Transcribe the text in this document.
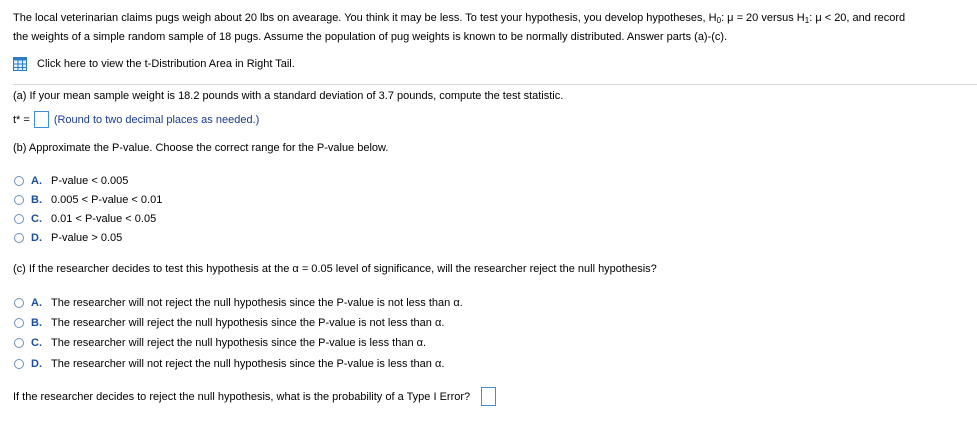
The local veterinarian claims pugs weigh about 20 lbs on avearage. You think it may be less. To test your hypothesis, you develop hypotheses, H0: μ = 20 versus H1: μ < 20, and record

the weights of a simple random sample of 18 pugs. Assume the population of pug weights is known to be normally distributed. Answer parts (a)-(c).

Click here to view the t-Distribution Area in Right Tail.
(a) If your mean sample weight is 18.2 pounds with a standard deviation of 3.7 pounds, compute the test statistic.
t* = (Round to two decimal places as needed.)
(b) Approximate the P-value. Choose the correct range for the P-value below.
A. P-value < 0.005
B. 0.005 < P-value < 0.01
C. 0.01 < P-value < 0.05
D. P-value > 0.05
(c) If the researcher decides to test this hypothesis at the α = 0.05 level of significance, will the researcher reject the null hypothesis?
A. The researcher will not reject the null hypothesis since the P-value is not less than α.
B. The researcher will reject the null hypothesis since the P-value is not less than α.
C. The researcher will reject the null hypothesis since the P-value is less than α.
D. The researcher will not reject the null hypothesis since the P-value is less than α.
If the researcher decides to reject the null hypothesis, what is the probability of a Type I Error?
